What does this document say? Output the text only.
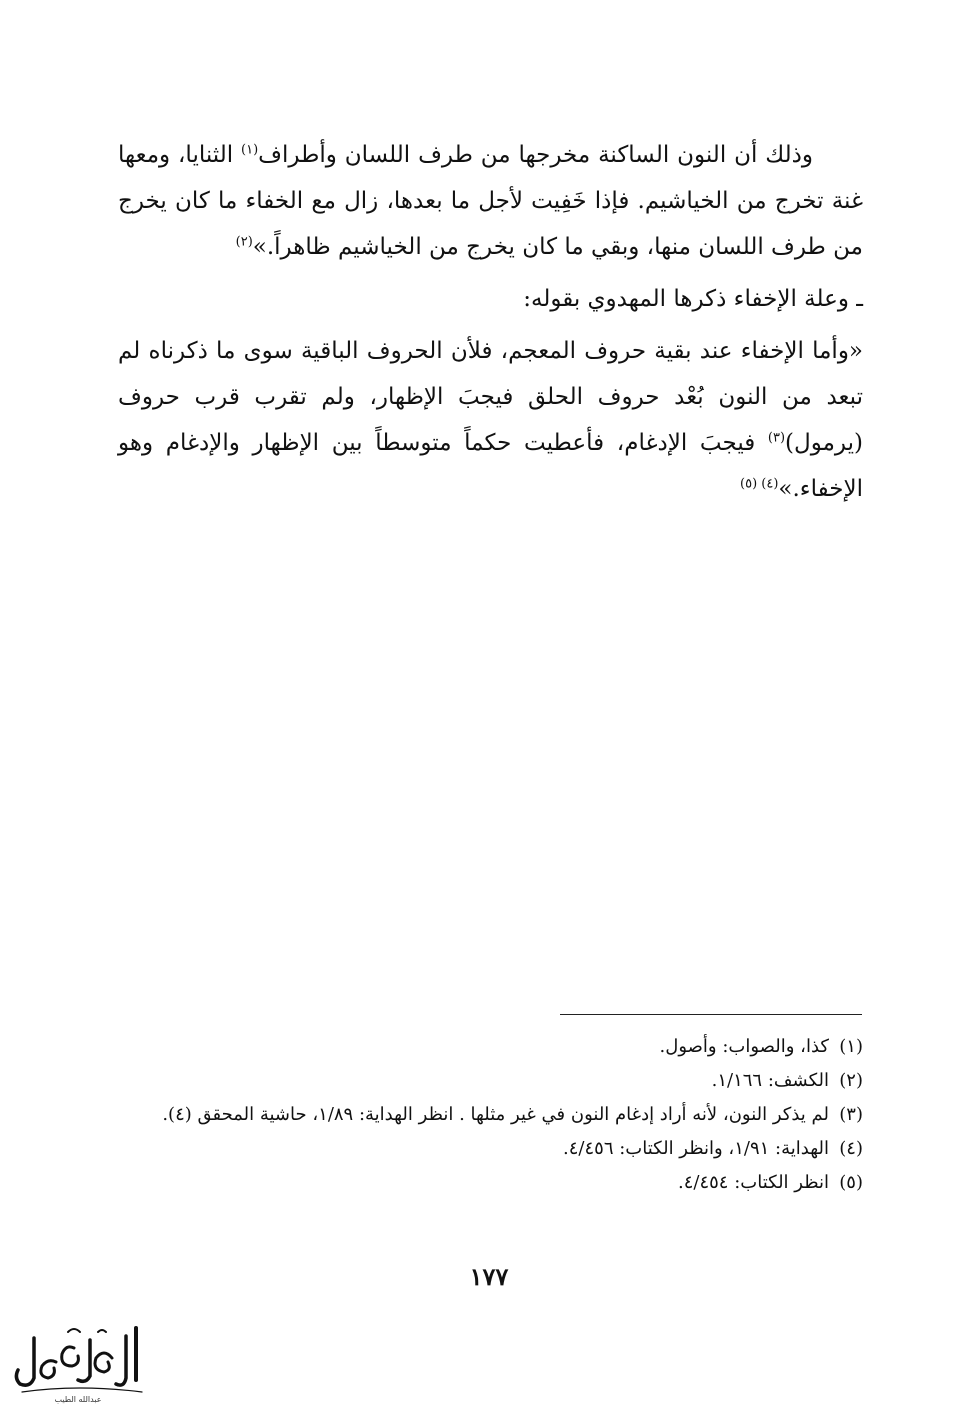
وذلك أن النون الساكنة مخرجها من طرف اللسان وأطراف$^{(١)}$ الثنايا، ومعها غنة تخرج من الخياشيم. فإذا خَفِيت لأجل ما بعدها، زال مع الخفاء ما كان يخرج من طرف اللسان منها، وبقي ما كان يخرج من الخياشيم ظاهراً.»$^{(٢)}$

ـ وعلة الإخفاء ذكرها المهدوي بقوله:

«وأما الإخفاء عند بقية حروف المعجم، فلأن الحروف الباقية سوى ما ذكرناه لم تبعد من النون بُعْد حروف الحلق فيجبَ الإظهار، ولم تقرب قرب حروف (يرمول)$^{(٣)}$ فيجبَ الإدغام، فأعطيت حكماً متوسطاً بين الإظهار والإدغام وهو الإخفاء.»$^{(٤) (٥)}$

(١)كذا، والصواب: وأصول.

(٢)الكشف: ١/١٦٦.

(٣)لم يذكر النون، لأنه أراد إدغام النون في غير مثلها . انظر الهداية: ١/٨٩، حاشية المحقق (٤).

(٤)الهداية: ١/٩١، وانظر الكتاب: ٤/٤٥٦.

(٥)انظر الكتاب: ٤/٤٥٤.

١٧٧
عبدالله الطيب
